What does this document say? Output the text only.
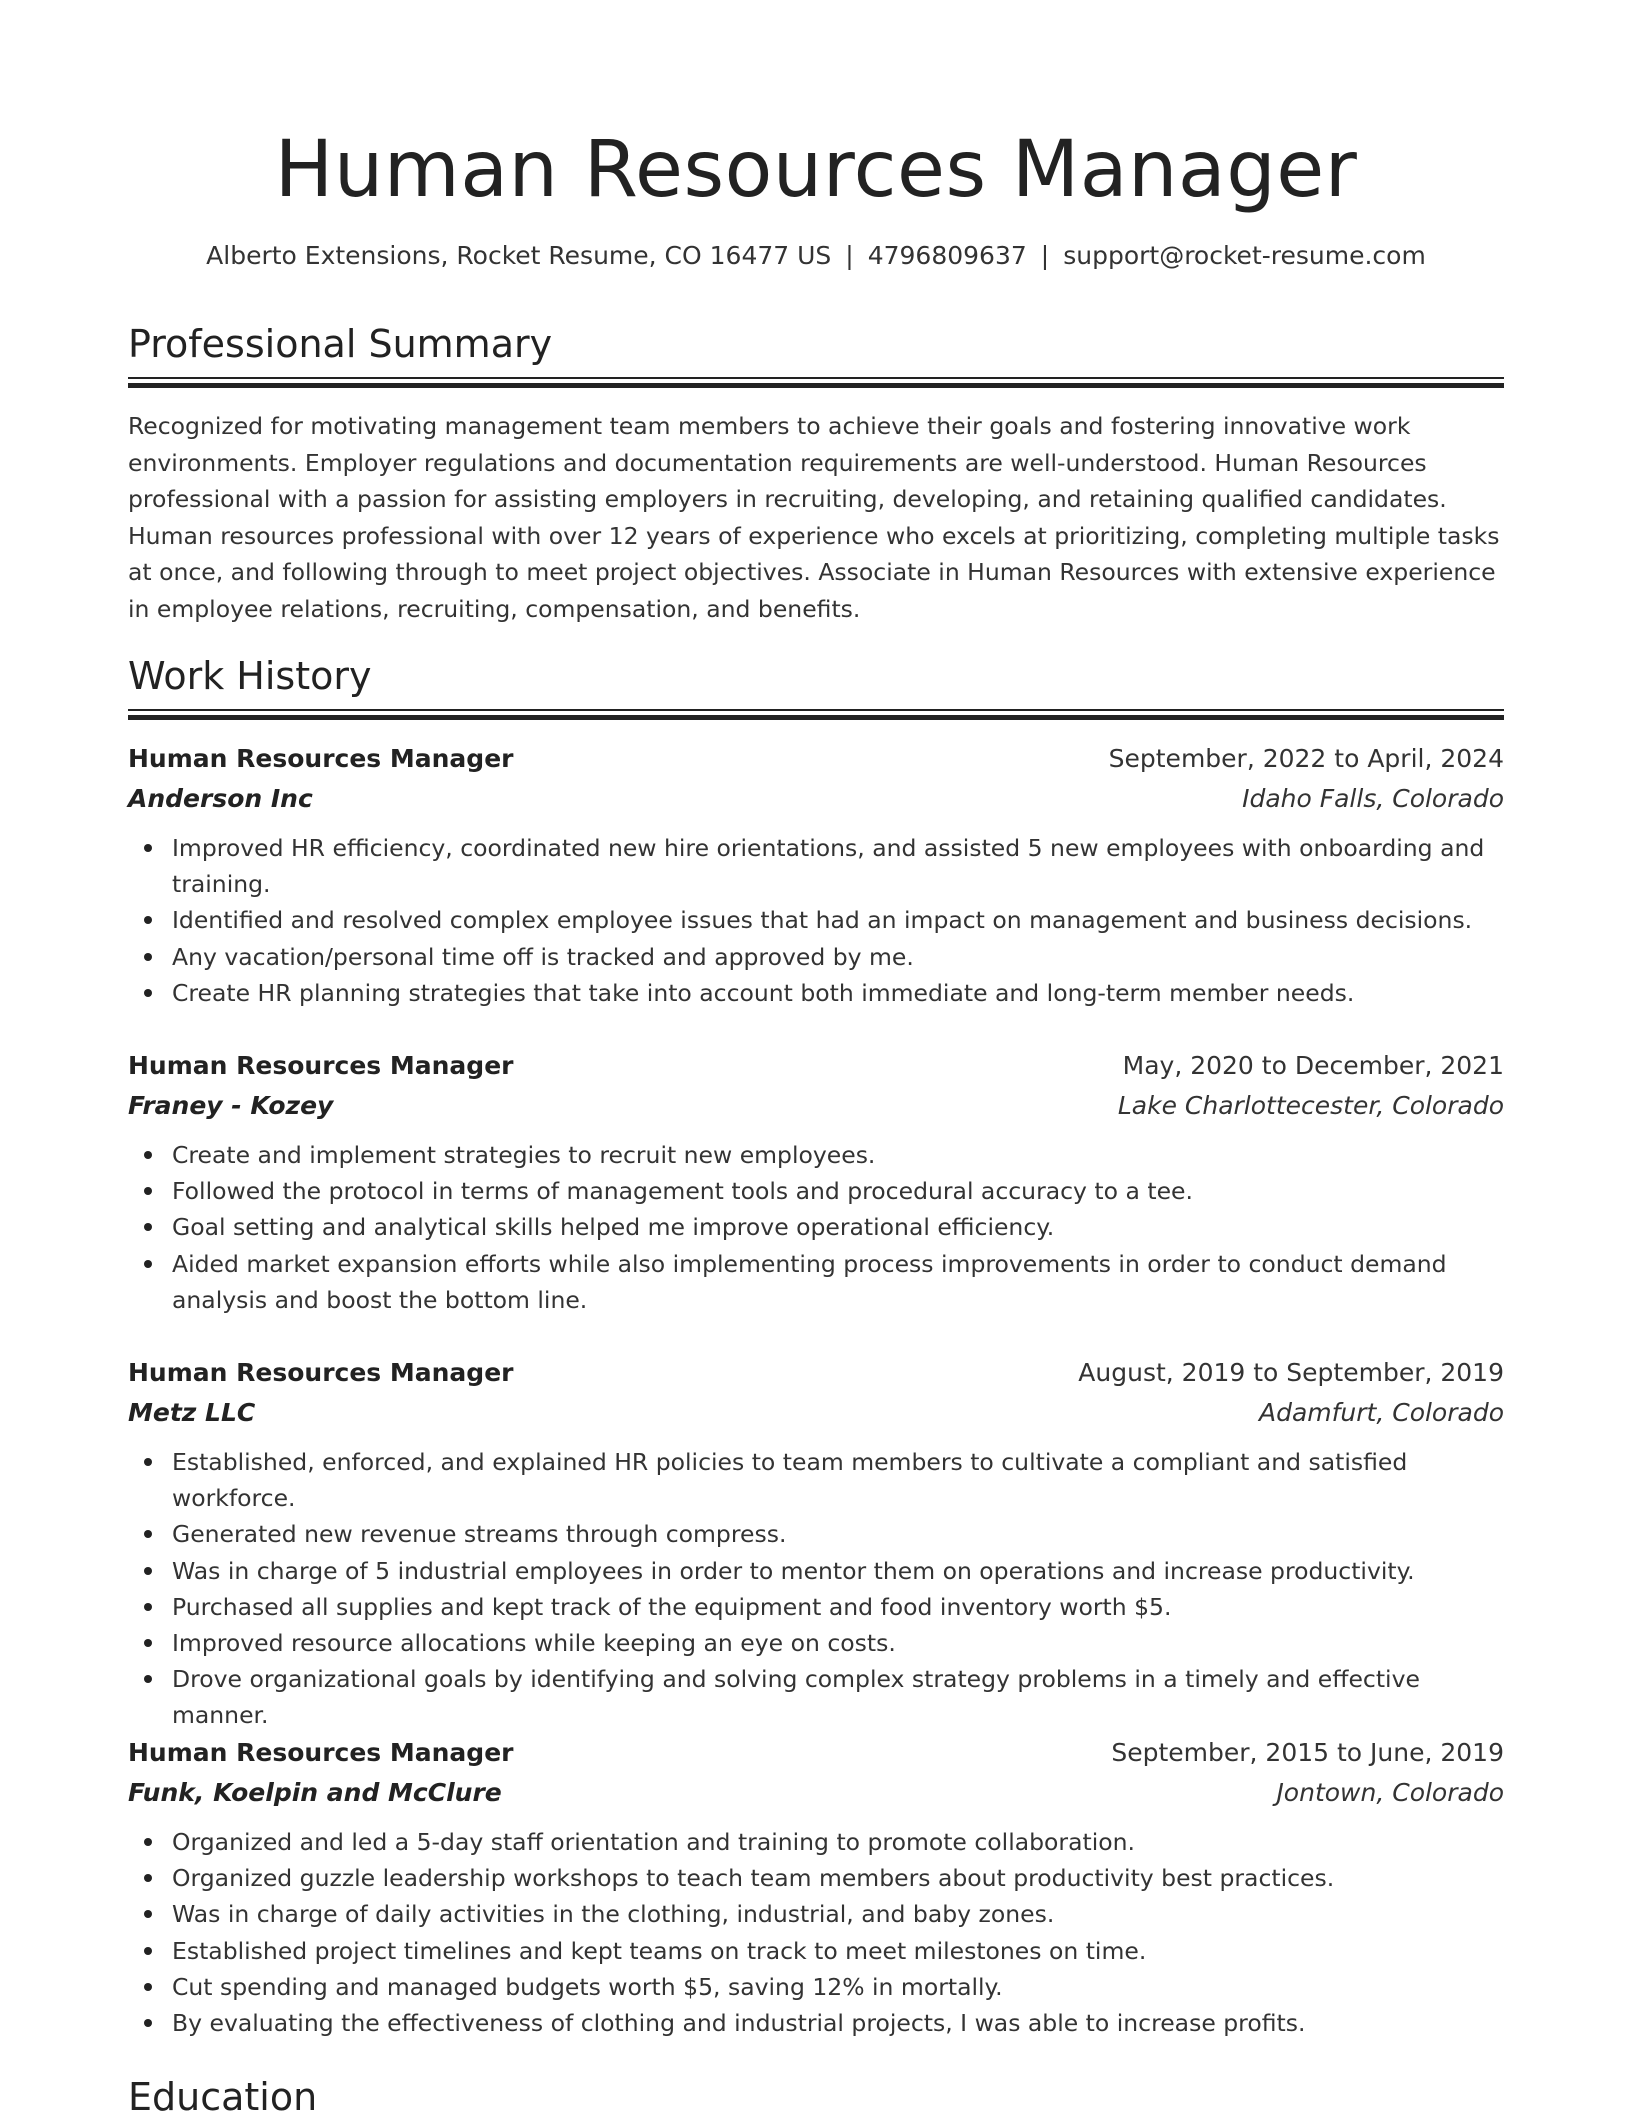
Human Resources Manager
Alberto Extensions, Rocket Resume, CO 16477 US | 4796809637 | support@rocket-resume.com
Professional Summary

Recognized for motivating management team members to achieve their goals and fostering innovative work environments. Employer regulations and documentation requirements are well-understood. Human Resources professional with a passion for assisting employers in recruiting, developing, and retaining qualified candidates. Human resources professional with over 12 years of experience who excels at prioritizing, completing multiple tasks at once, and following through to meet project objectives. Associate in Human Resources with extensive experience in employee relations, recruiting, compensation, and benefits.

Work History
Human Resources Manager	September, 2022 to April, 2024
Anderson Inc	Idaho Falls, Colorado
Improved HR efficiency, coordinated new hire orientations, and assisted 5 new employees with onboarding and training.
Identified and resolved complex employee issues that had an impact on management and business decisions.
Any vacation/personal time off is tracked and approved by me.
Create HR planning strategies that take into account both immediate and long-term member needs.
Human Resources Manager	May, 2020 to December, 2021
Franey - Kozey	Lake Charlottecester, Colorado
Create and implement strategies to recruit new employees.
Followed the protocol in terms of management tools and procedural accuracy to a tee.
Goal setting and analytical skills helped me improve operational efficiency.
Aided market expansion efforts while also implementing process improvements in order to conduct demand analysis and boost the bottom line.
Human Resources Manager	August, 2019 to September, 2019
Metz LLC	Adamfurt, Colorado
Established, enforced, and explained HR policies to team members to cultivate a compliant and satisfied workforce.
Generated new revenue streams through compress.
Was in charge of 5 industrial employees in order to mentor them on operations and increase productivity.
Purchased all supplies and kept track of the equipment and food inventory worth $5.
Improved resource allocations while keeping an eye on costs.
Drove organizational goals by identifying and solving complex strategy problems in a timely and effective manner.
Human Resources Manager	September, 2015 to June, 2019
Funk, Koelpin and McClure	Jontown, Colorado
Organized and led a 5-day staff orientation and training to promote collaboration.
Organized guzzle leadership workshops to teach team members about productivity best practices.
Was in charge of daily activities in the clothing, industrial, and baby zones.
Established project timelines and kept teams on track to meet milestones on time.
Cut spending and managed budgets worth $5, saving 12% in mortally.
By evaluating the effectiveness of clothing and industrial projects, I was able to increase profits.
Education
